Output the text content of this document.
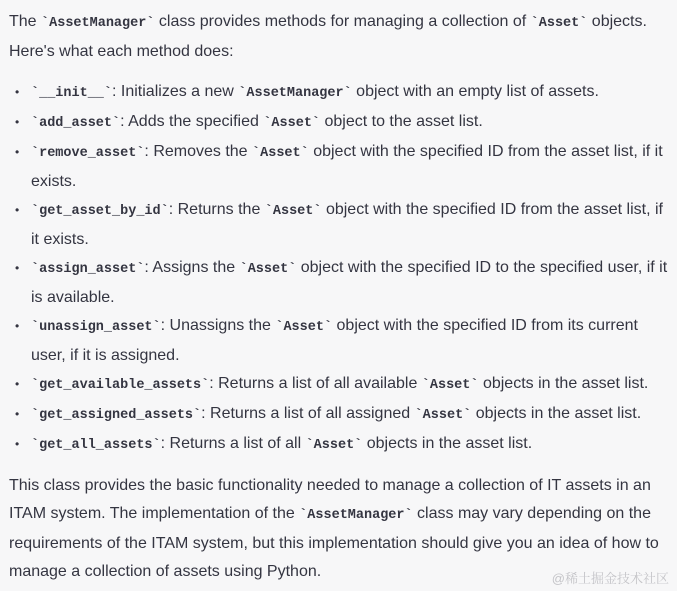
The `AssetManager` class provides methods for managing a collection of `Asset` objects. Here's what each method does:

• `__init__`: Initializes a new `AssetManager` object with an empty list of assets.
• `add_asset`: Adds the specified `Asset` object to the asset list.
• `remove_asset`: Removes the `Asset` object with the specified ID from the asset list, if it exists.
• `get_asset_by_id`: Returns the `Asset` object with the specified ID from the asset list, if it exists.
• `assign_asset`: Assigns the `Asset` object with the specified ID to the specified user, if it is available.
• `unassign_asset`: Unassigns the `Asset` object with the specified ID from its current user, if it is assigned.
• `get_available_assets`: Returns a list of all available `Asset` objects in the asset list.
• `get_assigned_assets`: Returns a list of all assigned `Asset` objects in the asset list.
• `get_all_assets`: Returns a list of all `Asset` objects in the asset list.

This class provides the basic functionality needed to manage a collection of IT assets in an ITAM system. The implementation of the `AssetManager` class may vary depending on the requirements of the ITAM system, but this implementation should give you an idea of how to manage a collection of assets using Python.	@稀土掘金技术社区
